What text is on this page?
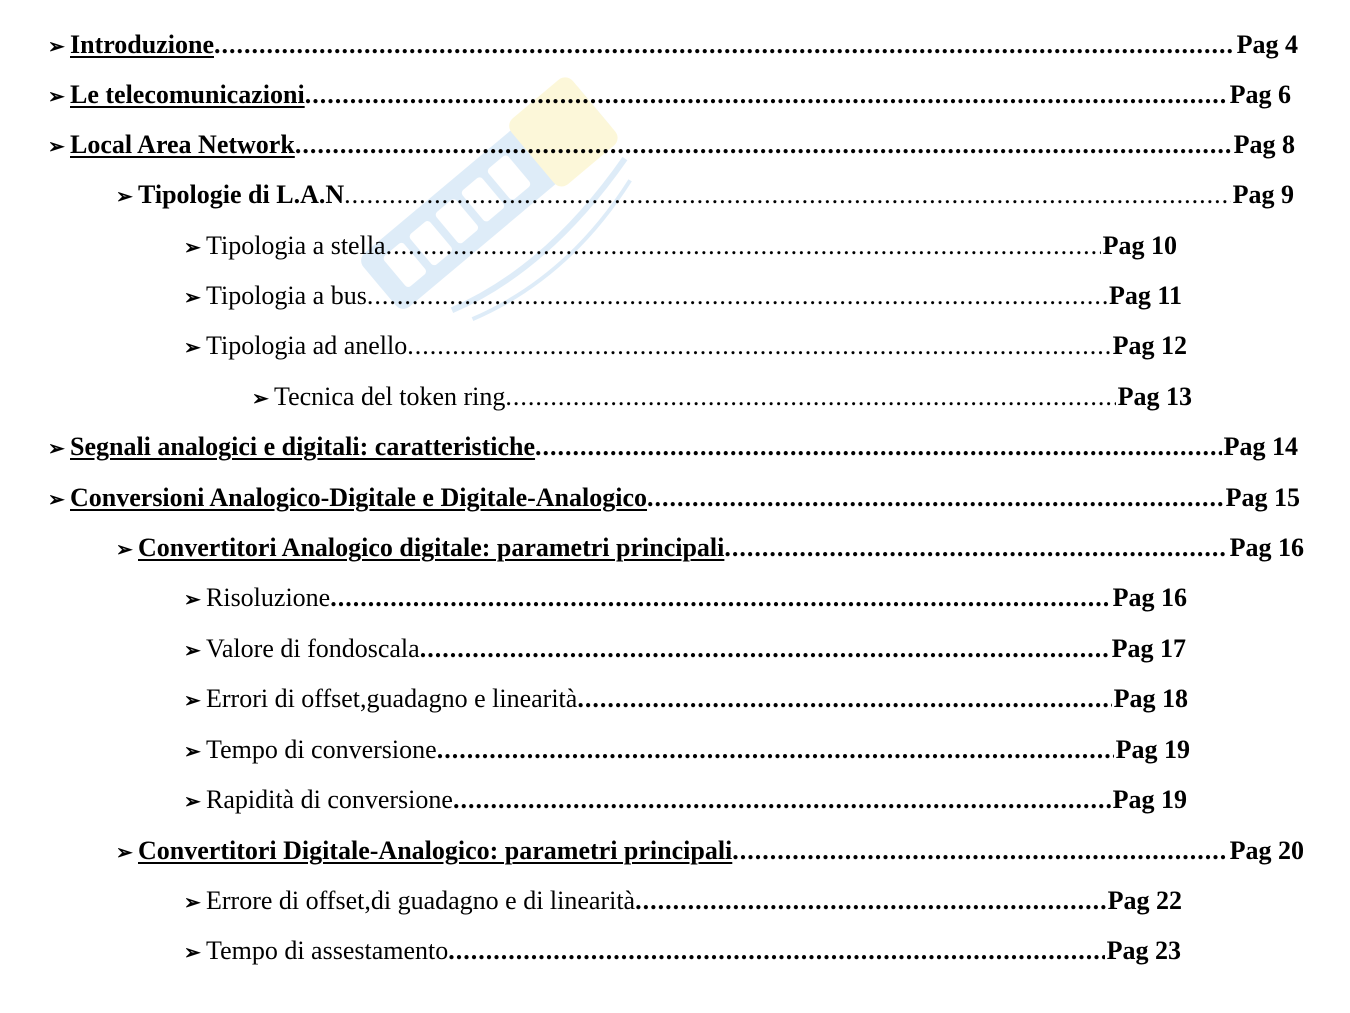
➢ Introduzione .....	Pag 4
➢ Le telecomunicazioni .....	Pag 6
➢ Local Area Network .....	Pag 8
➢ Tipologie di L.A.N .....	Pag 9
➢ Tipologia a stella .....	Pag 10
➢ Tipologia a bus .....	Pag 11
➢ Tipologia ad anello .....	Pag 12
➢ Tecnica del token ring .....	Pag 13
➢ Segnali analogici e digitali: caratteristiche .....	Pag 14
➢ Conversioni Analogico-Digitale e Digitale-Analogico .....	Pag 15
➢ Convertitori Analogico digitale: parametri principali .....	Pag 16
➢ Risoluzione .....	Pag 16
➢ Valore di fondoscala .....	Pag 17
➢ Errori di offset,guadagno e linearità .....	Pag 18
➢ Tempo di conversione .....	Pag 19
➢ Rapidità di conversione .....	Pag 19
➢ Convertitori Digitale-Analogico: parametri principali .....	Pag 20
➢ Errore di offset,di guadagno e di linearità .....	Pag 22
➢ Tempo di assestamento .....	Pag 23
